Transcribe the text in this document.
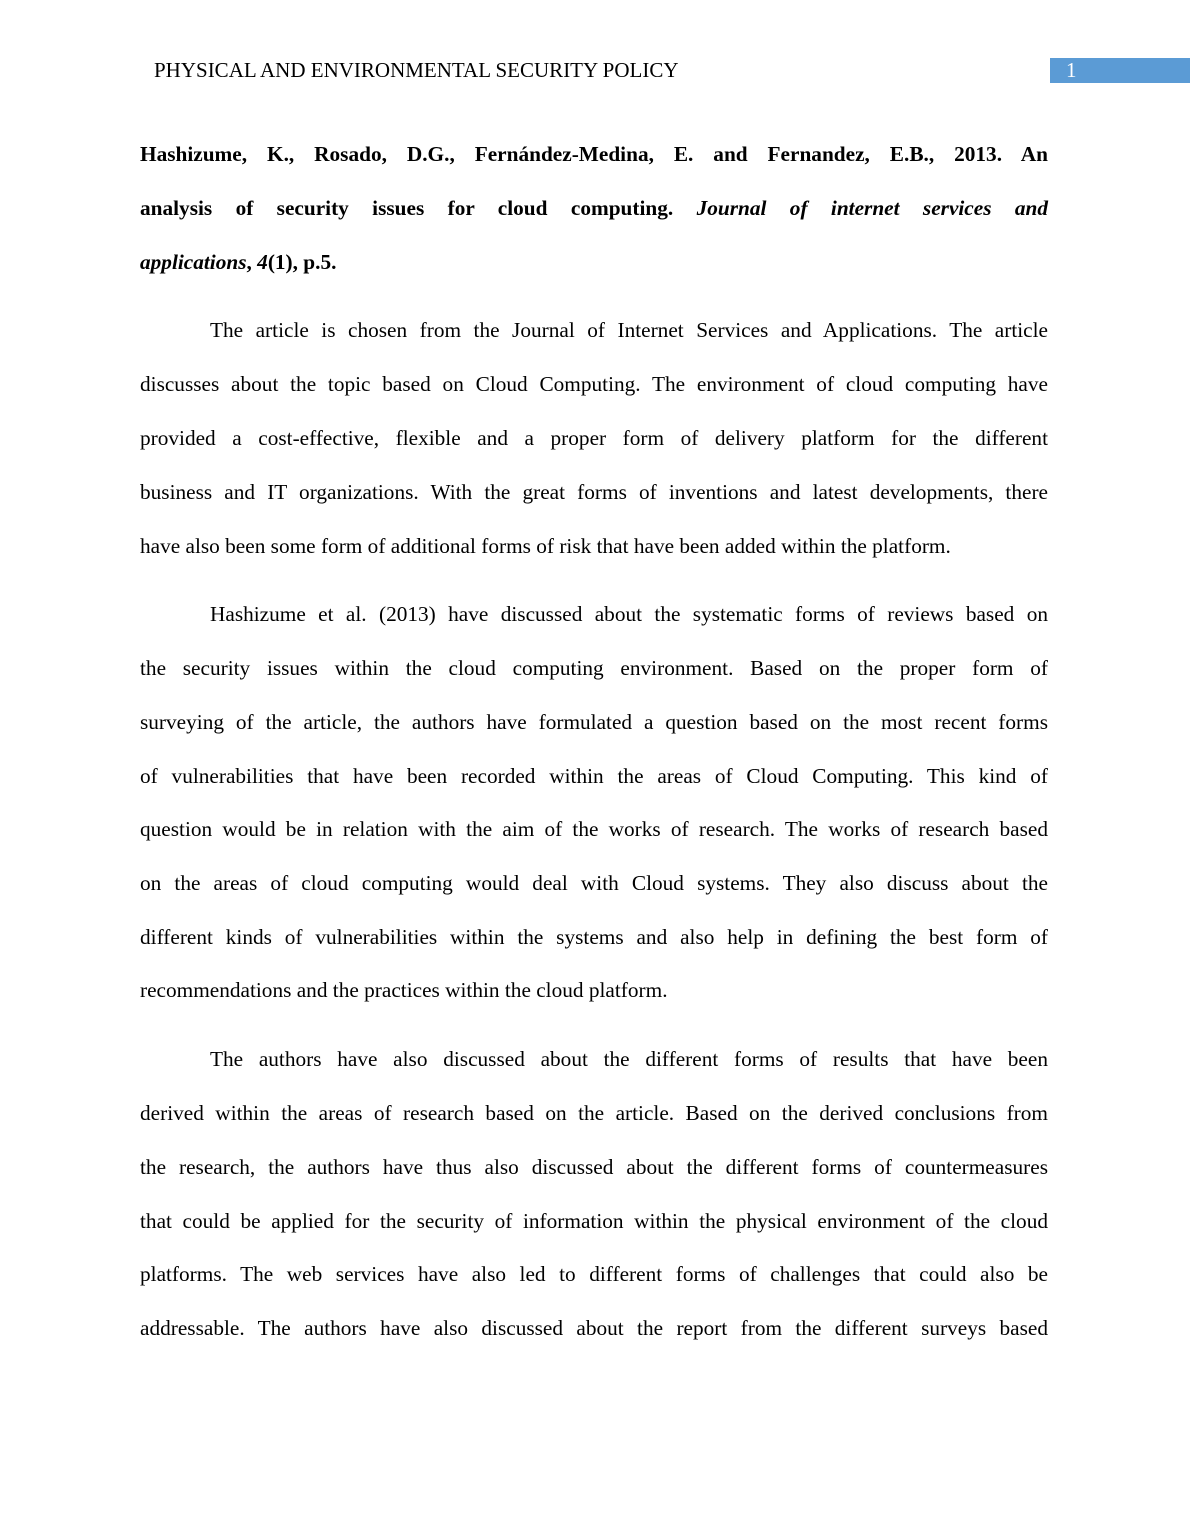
PHYSICAL AND ENVIRONMENTAL SECURITY POLICY	1
Hashizume, K., Rosado, D.G., Fernández-Medina, E. and Fernandez, E.B., 2013. An
analysis of security issues for cloud computing. Journal of internet services and
applications, 4(1), p.5.
The article is chosen from the Journal of Internet Services and Applications. The article
discusses about the topic based on Cloud Computing. The environment of cloud computing have
provided a cost-effective, flexible and a proper form of delivery platform for the different
business and IT organizations. With the great forms of inventions and latest developments, there
have also been some form of additional forms of risk that have been added within the platform.
Hashizume et al. (2013) have discussed about the systematic forms of reviews based on
the security issues within the cloud computing environment. Based on the proper form of
surveying of the article, the authors have formulated a question based on the most recent forms
of vulnerabilities that have been recorded within the areas of Cloud Computing. This kind of
question would be in relation with the aim of the works of research. The works of research based
on the areas of cloud computing would deal with Cloud systems. They also discuss about the
different kinds of vulnerabilities within the systems and also help in defining the best form of
recommendations and the practices within the cloud platform.
The authors have also discussed about the different forms of results that have been
derived within the areas of research based on the article. Based on the derived conclusions from
the research, the authors have thus also discussed about the different forms of countermeasures
that could be applied for the security of information within the physical environment of the cloud
platforms. The web services have also led to different forms of challenges that could also be
addressable. The authors have also discussed about the report from the different surveys based
